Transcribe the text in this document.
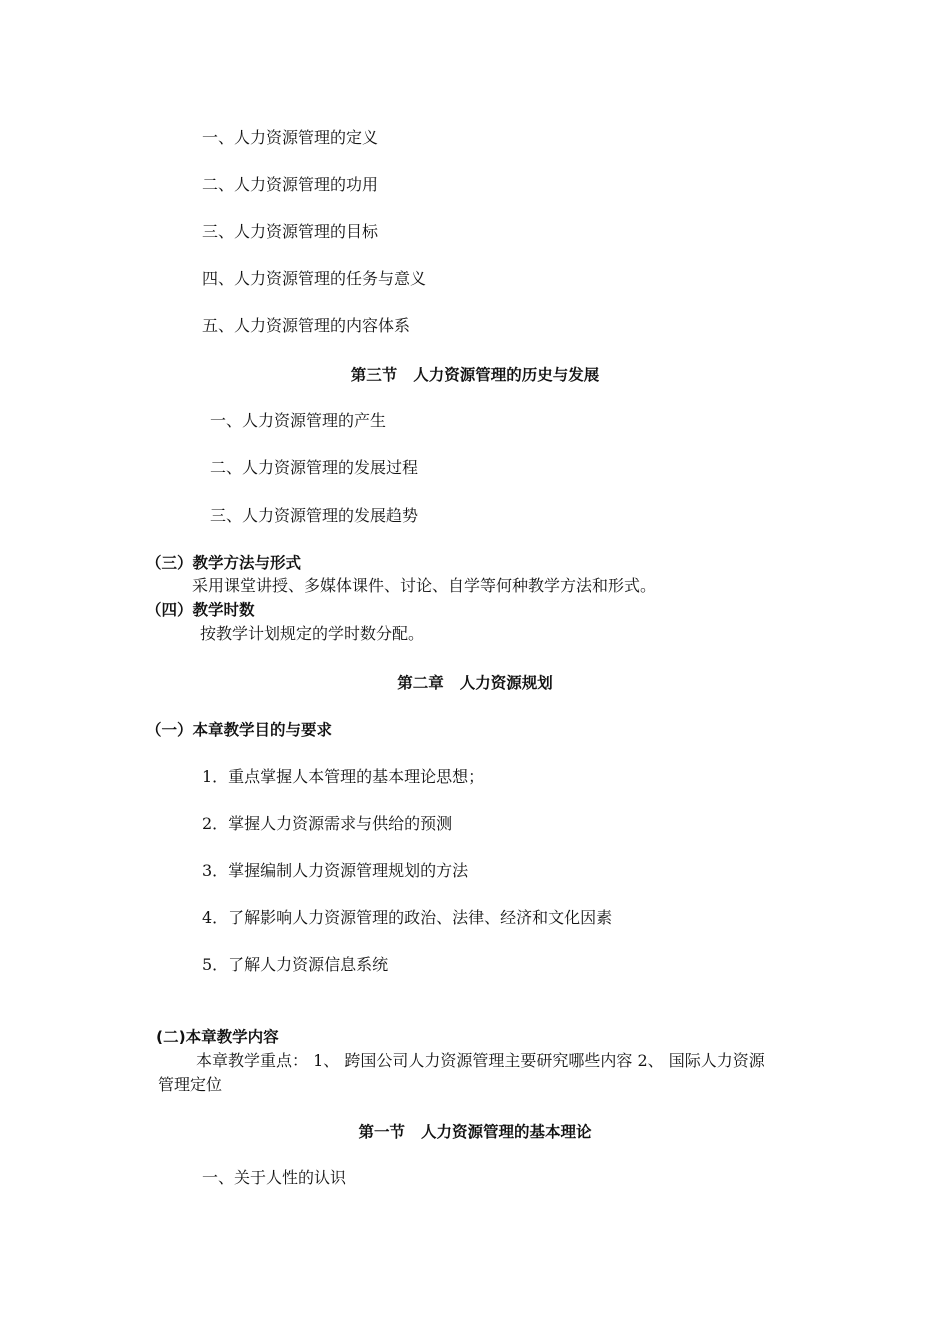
一、人力资源管理的定义
二、人力资源管理的功用
三、人力资源管理的目标
四、人力资源管理的任务与意义
五、人力资源管理的内容体系
第三节 人力资源管理的历史与发展
一、人力资源管理的产生
二、人力资源管理的发展过程
三、人力资源管理的发展趋势
（三）教学方法与形式
采用课堂讲授、多媒体课件、讨论、自学等何种教学方法和形式。
（四）教学时数
按教学计划规定的学时数分配。
第二章 人力资源规划
（一）本章教学目的与要求
1．重点掌握人本管理的基本理论思想；
2．掌握人力资源需求与供给的预测
3．掌握编制人力资源管理规划的方法
4．了解影响人力资源管理的政治、法律、经济和文化因素
5．了解人力资源信息系统
(二)本章教学内容
本章教学重点： 1、 跨国公司人力资源管理主要研究哪些内容 2、 国际人力资源
管理定位
第一节 人力资源管理的基本理论
一、关于人性的认识
